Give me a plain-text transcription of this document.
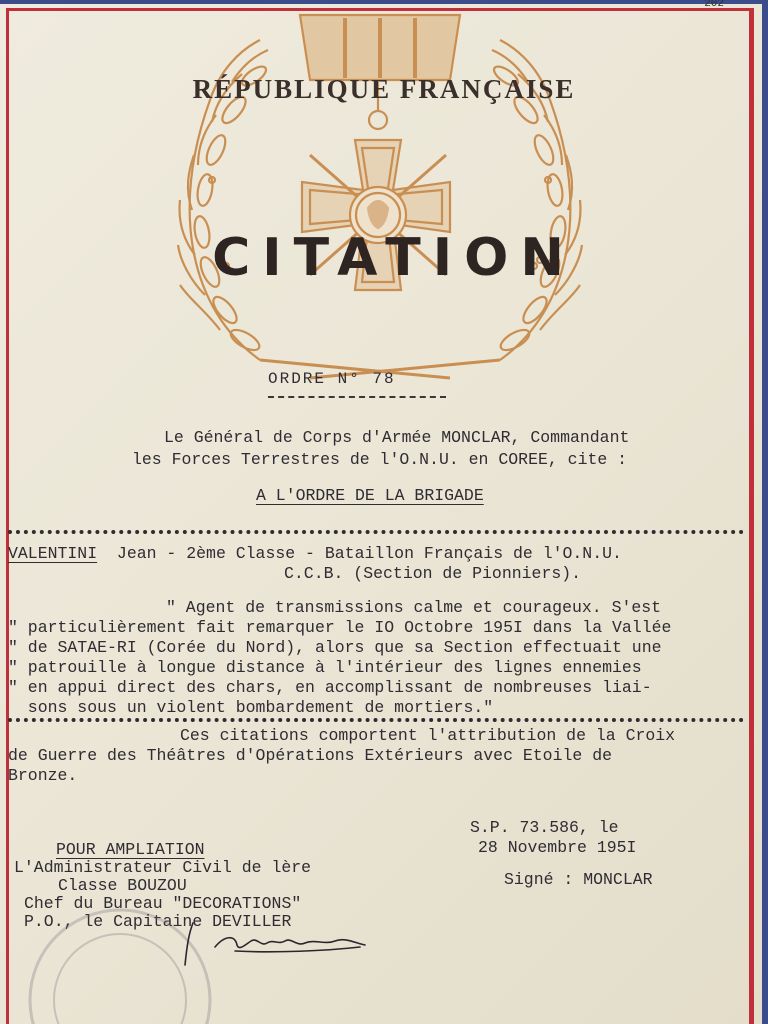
202
RÉPUBLIQUE FRANÇAISE
CITATION
ORDRE N° 78
Le Général de Corps d'Armée MONCLAR, Commandant
les Forces Terrestres de l'O.N.U. en COREE, cite :
A L'ORDRE DE LA BRIGADE
VALENTINI  Jean - 2ème Classe - Bataillon Français de l'O.N.U.
C.C.B. (Section de Pionniers).
" Agent de transmissions calme et courageux. S'est
" particulièrement fait remarquer le IO Octobre 195I dans la Vallée
" de SATAE-RI (Corée du Nord), alors que sa Section effectuait une
" patrouille à longue distance à l'intérieur des lignes ennemies
" en appui direct des chars, en accomplissant de nombreuses liai-
sons sous un violent bombardement de mortiers."
Ces citations comportent l'attribution de la Croix
de Guerre des Théâtres d'Opérations Extérieurs avec Etoile de
Bronze.
S.P. 73.586, le
28 Novembre 195I
Signé : MONCLAR
POUR AMPLIATION
L'Administrateur Civil de lère
Classe BOUZOU
Chef du Bureau "DECORATIONS"
P.O., le Capitaine DEVILLER
